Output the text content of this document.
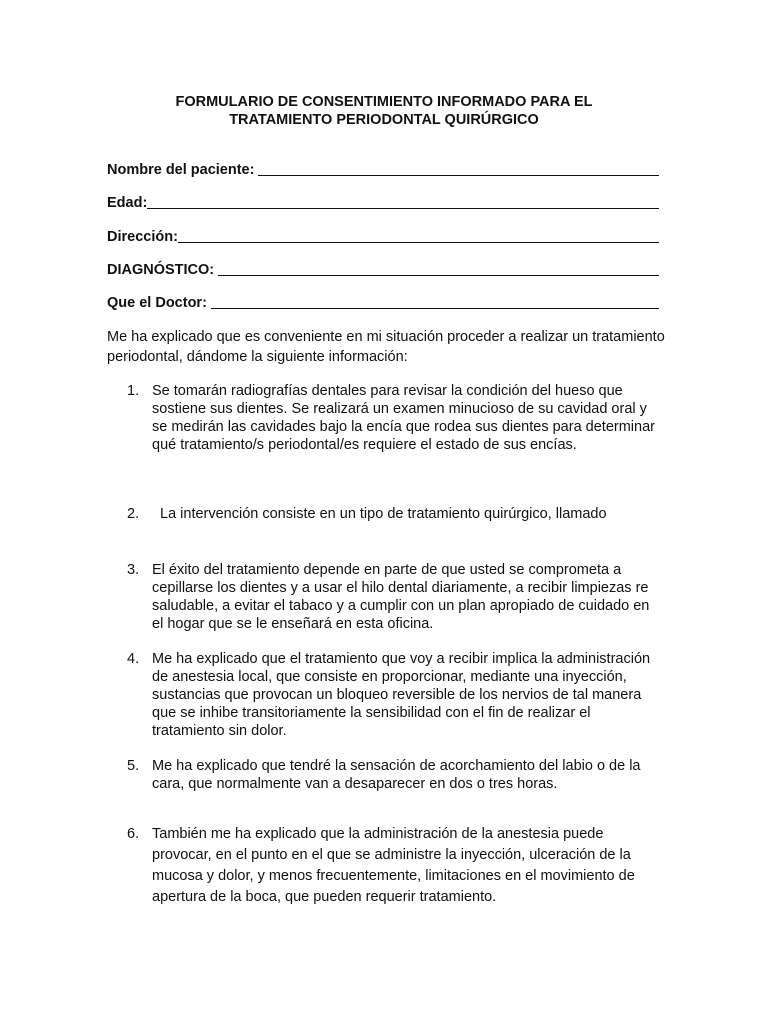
FORMULARIO DE CONSENTIMIENTO INFORMADO PARA EL
TRATAMIENTO PERIODONTAL QUIRÚRGICO
Nombre del paciente:
Edad:
Dirección:
DIAGNÓSTICO:
Que el Doctor:
Me ha explicado que es conveniente en mi situación proceder a realizar un tratamiento periodontal, dándome la siguiente información:
1. Se tomarán radiografías dentales para revisar la condición del hueso que sostiene sus dientes. Se realizará un examen minucioso de su cavidad oral y se medirán las cavidades bajo la encía que rodea sus dientes para determinar qué tratamiento/s periodontal/es requiere el estado de sus encías.
2. La intervención consiste en un tipo de tratamiento quirúrgico, llamado
3. El éxito del tratamiento depende en parte de que usted se comprometa a cepillarse los dientes y a usar el hilo dental diariamente, a recibir limpiezas re saludable, a evitar el tabaco y a cumplir con un plan apropiado de cuidado en el hogar que se le enseñará en esta oficina.
4. Me ha explicado que el tratamiento que voy a recibir implica la administración de anestesia local, que consiste en proporcionar, mediante una inyección, sustancias que provocan un bloqueo reversible de los nervios de tal manera que se inhibe transitoriamente la sensibilidad con el fin de realizar el tratamiento sin dolor.
5. Me ha explicado que tendré la sensación de acorchamiento del labio o de la cara, que normalmente van a desaparecer en dos o tres horas.
6. También me ha explicado que la administración de la anestesia puede provocar, en el punto en el que se administre la inyección, ulceración de la mucosa y dolor, y menos frecuentemente, limitaciones en el movimiento de apertura de la boca, que pueden requerir tratamiento.
